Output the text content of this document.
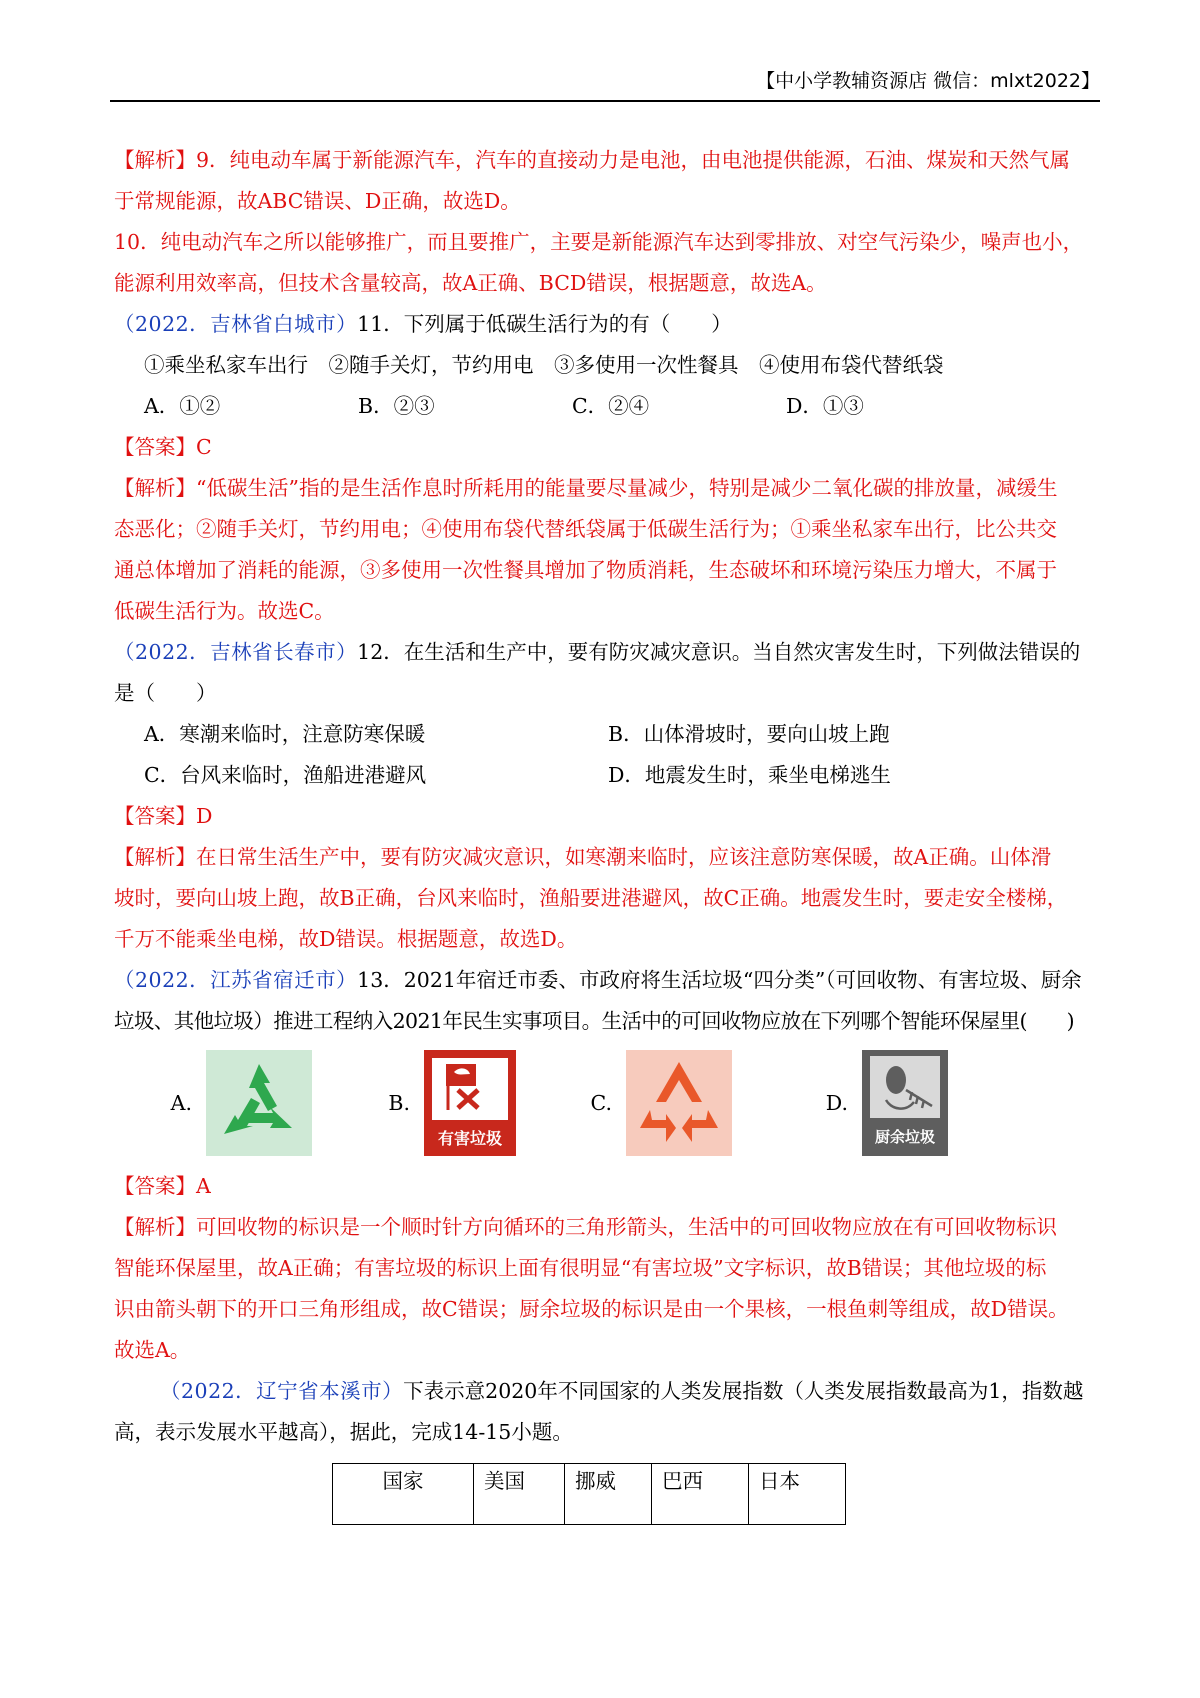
【中小学教辅资源店 微信：mlxt2022】

【解析】9．纯电动车属于新能源汽车，汽车的直接动力是电池，由电池提供能源，石油、煤炭和天然气属

于常规能源，故ABC错误、D正确，故选D。

10．纯电动汽车之所以能够推广，而且要推广，主要是新能源汽车达到零排放、对空气污染少，噪声也小，

能源利用效率高，但技术含量较高，故A正确、BCD错误，根据题意，故选A。

（2022．吉林省白城市）11．下列属于低碳生活行为的有（　　）

①乘坐私家车出行　②随手关灯，节约用电　③多使用一次性餐具　④使用布袋代替纸袋

A．①②	B．②③	C．②④	D．①③

【答案】C

【解析】“低碳生活”指的是生活作息时所耗用的能量要尽量减少，特别是减少二氧化碳的排放量，减缓生

态恶化；②随手关灯，节约用电；④使用布袋代替纸袋属于低碳生活行为；①乘坐私家车出行，比公共交

通总体增加了消耗的能源，③多使用一次性餐具增加了物质消耗，生态破坏和环境污染压力增大，不属于

低碳生活行为。故选C。

（2022．吉林省长春市）12．在生活和生产中，要有防灾减灾意识。当自然灾害发生时，下列做法错误的

是（　　）

A．寒潮来临时，注意防寒保暖	B．山体滑坡时，要向山坡上跑
C．台风来临时，渔船进港避风	D．地震发生时，乘坐电梯逃生

【答案】D

【解析】在日常生活生产中，要有防灾减灾意识，如寒潮来临时，应该注意防寒保暖，故A正确。山体滑

坡时，要向山坡上跑，故B正确，台风来临时，渔船要进港避风，故C正确。地震发生时，要走安全楼梯，

千万不能乘坐电梯，故D错误。根据题意，故选D。

（2022．江苏省宿迁市）13．2021年宿迁市委、市政府将生活垃圾“四分类”（可回收物、有害垃圾、厨余

垃圾、其他垃圾）推进工程纳入2021年民生实事项目。生活中的可回收物应放在下列哪个智能环保屋里(　　)

A.	B.
有害垃圾
C.	D.
厨余垃圾

【答案】A

【解析】可回收物的标识是一个顺时针方向循环的三角形箭头，生活中的可回收物应放在有可回收物标识

智能环保屋里，故A正确；有害垃圾的标识上面有很明显“有害垃圾”文字标识，故B错误；其他垃圾的标

识由箭头朝下的开口三角形组成，故C错误；厨余垃圾的标识是由一个果核，一根鱼刺等组成，故D错误。

故选A。

（2022．辽宁省本溪市）下表示意2020年不同国家的人类发展指数（人类发展指数最高为1，指数越

高，表示发展水平越高），据此，完成14-15小题。

国家	美国	挪威	巴西	日本
